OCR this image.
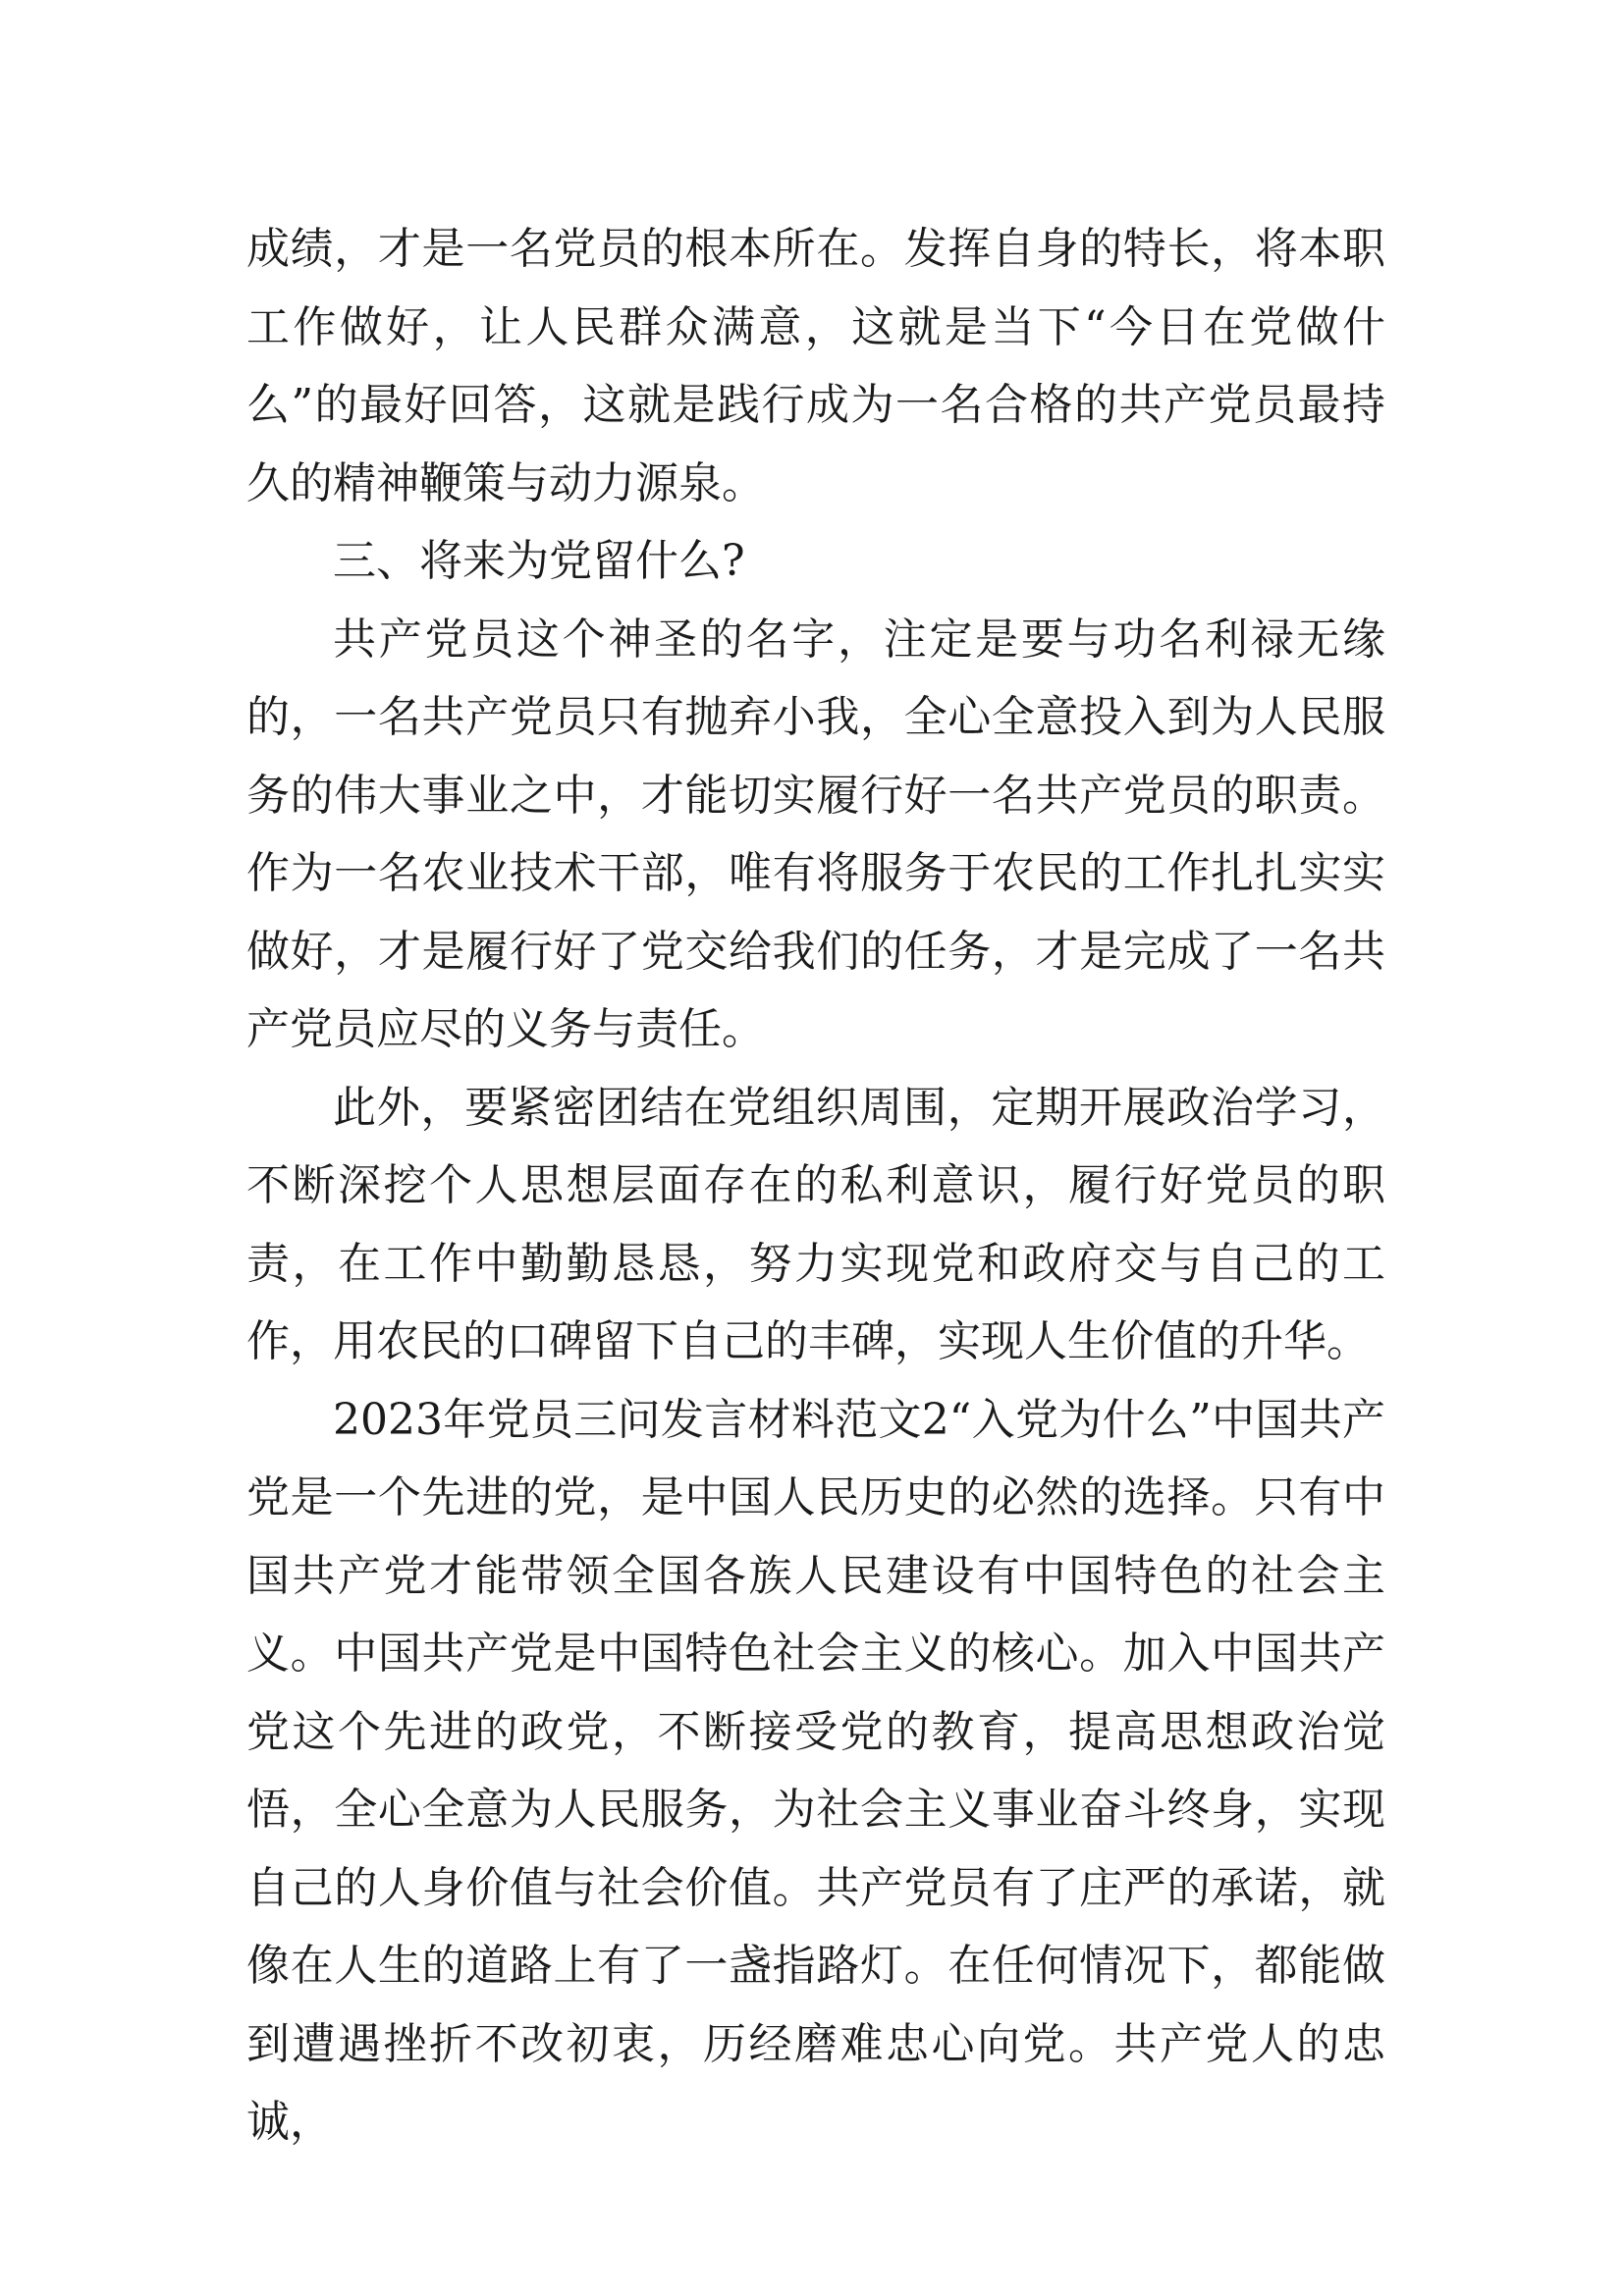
成绩，才是一名党员的根本所在。发挥自身的特长，将本职工作做好，让人民群众满意，这就是当下“今日在党做什么”的最好回答，这就是践行成为一名合格的共产党员最持久的精神鞭策与动力源泉。

三、将来为党留什么?

共产党员这个神圣的名字，注定是要与功名利禄无缘的，一名共产党员只有抛弃小我，全心全意投入到为人民服务的伟大事业之中，才能切实履行好一名共产党员的职责。作为一名农业技术干部，唯有将服务于农民的工作扎扎实实做好，才是履行好了党交给我们的任务，才是完成了一名共产党员应尽的义务与责任。

此外，要紧密团结在党组织周围，定期开展政治学习，不断深挖个人思想层面存在的私利意识，履行好党员的职责，在工作中勤勤恳恳，努力实现党和政府交与自己的工作，用农民的口碑留下自己的丰碑，实现人生价值的升华。

2023年党员三问发言材料范文2“入党为什么”中国共产党是一个先进的党，是中国人民历史的必然的选择。只有中国共产党才能带领全国各族人民建设有中国特色的社会主义。中国共产党是中国特色社会主义的核心。加入中国共产党这个先进的政党，不断接受党的教育，提高思想政治觉悟，全心全意为人民服务，为社会主义事业奋斗终身，实现自己的人身价值与社会价值。共产党员有了庄严的承诺，就像在人生的道路上有了一盏指路灯。在任何情况下，都能做到遭遇挫折不改初衷，历经磨难忠心向党。共产党人的忠诚，
